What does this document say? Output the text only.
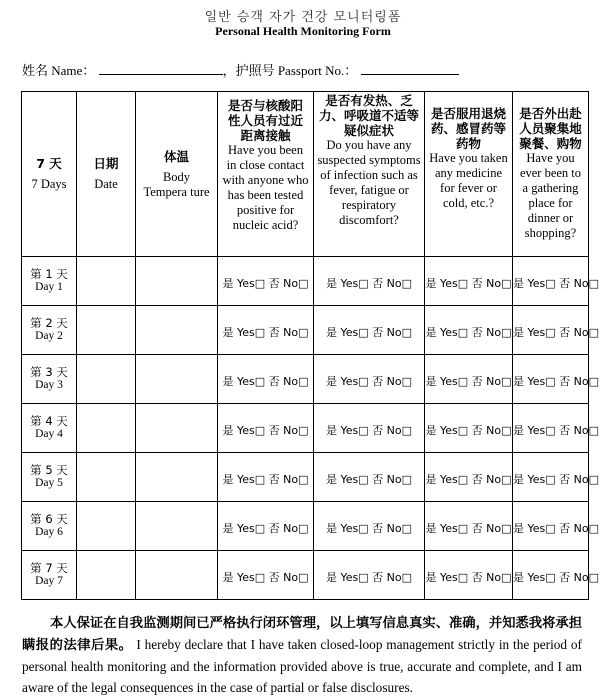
일반 승객 자가 건강 모니터링폼
Personal Health Monitoring Form
姓名 Name：	，护照号 Passport No.：
7 天
7 Days	日期
Date	体温
Body Tempera ture	是否与核酸阳性人员有过近距离接触
Have you been in close contact with anyone who has been tested positive for nucleic acid?	是否有发热、乏力、呼吸道不适等疑似症状
Do you have any suspected symptoms of infection such as fever, fatigue or respiratory discomfort?	是否服用退烧药、感冒药等药物
Have you taken any medicine for fever or cold, etc.?	是否外出赴人员聚集地聚餐、购物
Have you ever been to a gathering place for dinner or shopping?

第 1 天
Day 1			是 Yes□ 否 No□	是 Yes□ 否 No□	是 Yes□ 否 No□	是 Yes□ 否 No□

第 2 天
Day 2			是 Yes□ 否 No□	是 Yes□ 否 No□	是 Yes□ 否 No□	是 Yes□ 否 No□

第 3 天
Day 3			是 Yes□ 否 No□	是 Yes□ 否 No□	是 Yes□ 否 No□	是 Yes□ 否 No□

第 4 天
Day 4			是 Yes□ 否 No□	是 Yes□ 否 No□	是 Yes□ 否 No□	是 Yes□ 否 No□

第 5 天
Day 5			是 Yes□ 否 No□	是 Yes□ 否 No□	是 Yes□ 否 No□	是 Yes□ 否 No□

第 6 天
Day 6			是 Yes□ 否 No□	是 Yes□ 否 No□	是 Yes□ 否 No□	是 Yes□ 否 No□

第 7 天
Day 7			是 Yes□ 否 No□	是 Yes□ 否 No□	是 Yes□ 否 No□	是 Yes□ 否 No□
本人保证在自我监测期间已严格执行闭环管理，以上填写信息真实、准确，并知悉我将承担瞒报的法律后果。 I hereby declare that I have taken closed-loop management strictly in the period of personal health monitoring and the information provided above is true, accurate and complete, and I am aware of the legal consequences in the case of partial or false disclosures.
